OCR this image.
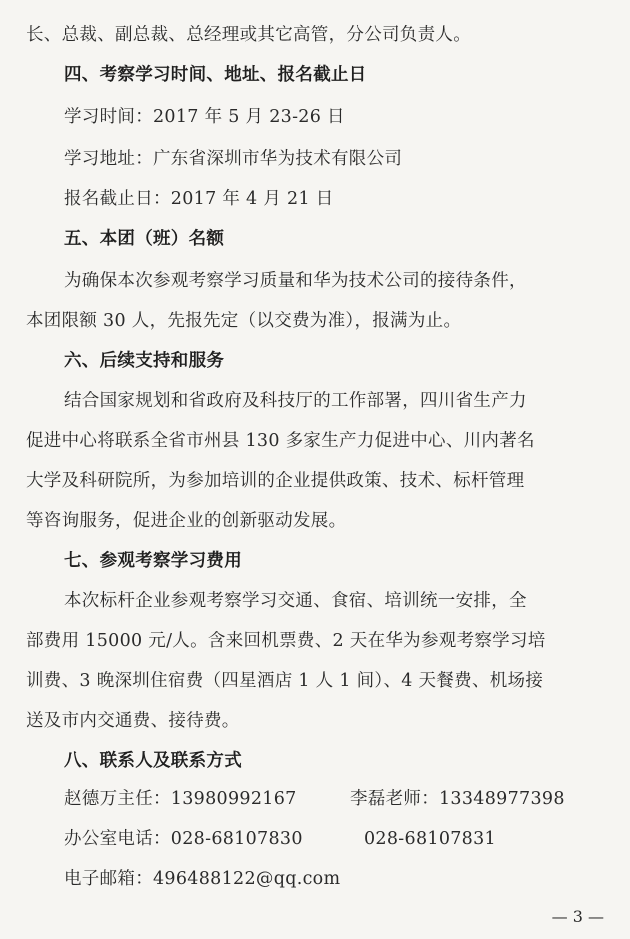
长、总裁、副总裁、总经理或其它高管，分公司负责人。
四、考察学习时间、地址、报名截止日
学习时间：2017 年 5 月 23-26 日
学习地址：广东省深圳市华为技术有限公司
报名截止日：2017 年 4 月 21 日
五、本团（班）名额
为确保本次参观考察学习质量和华为技术公司的接待条件，
本团限额 30 人，先报先定（以交费为准），报满为止。
六、后续支持和服务
结合国家规划和省政府及科技厅的工作部署，四川省生产力
促进中心将联系全省市州县 130 多家生产力促进中心、川内著名
大学及科研院所，为参加培训的企业提供政策、技术、标杆管理
等咨询服务，促进企业的创新驱动发展。
七、参观考察学习费用
本次标杆企业参观考察学习交通、食宿、培训统一安排，全
部费用 15000 元/人。含来回机票费、2 天在华为参观考察学习培
训费、3 晚深圳住宿费（四星酒店 1 人 1 间）、4 天餐费、机场接
送及市内交通费、接待费。
八、联系人及联系方式
赵德万主任：13980992167	李磊老师：13348977398
办公室电话：028-68107830	028-68107831
电子邮箱：496488122@qq.com
— 3 —
